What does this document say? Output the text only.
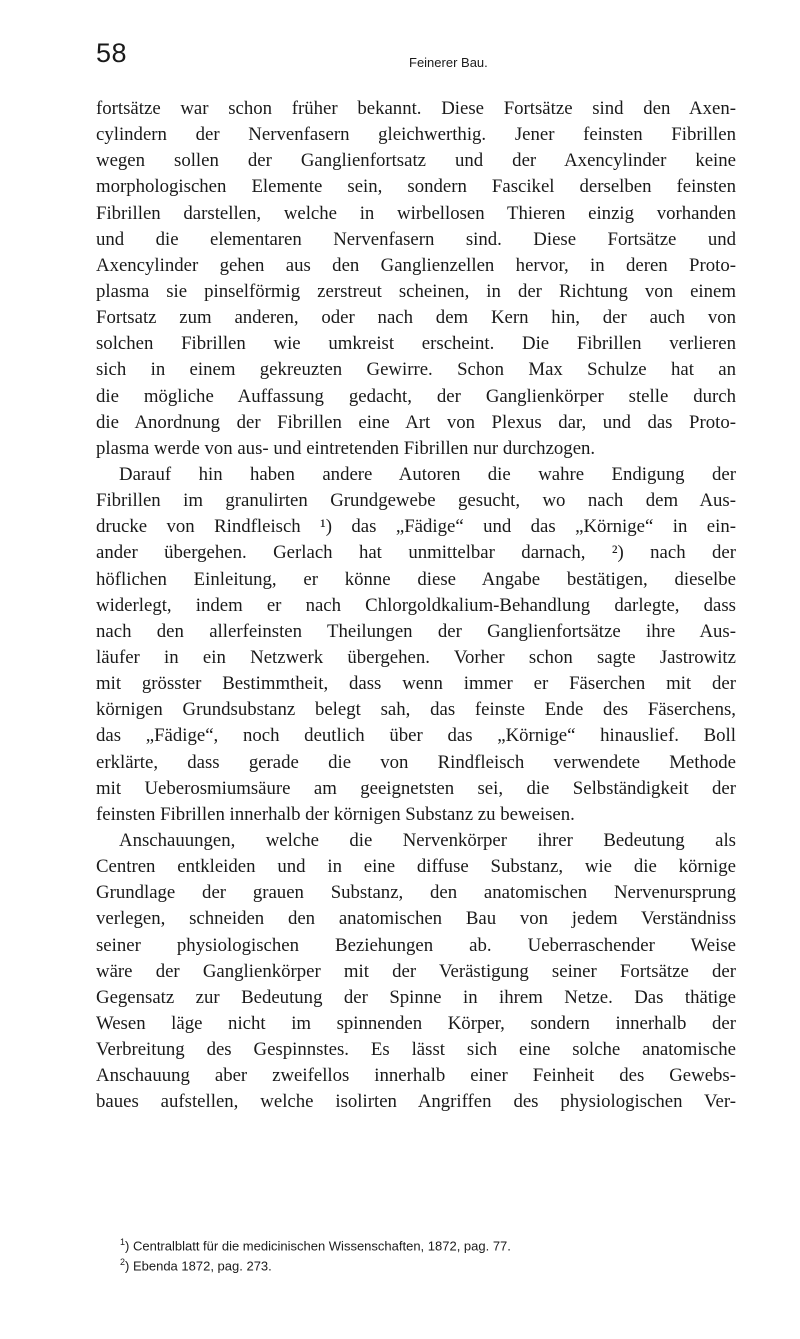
58	Feinerer Bau.
fortsätze war schon früher bekannt. Diese Fortsätze sind den Axen-
cylindern der Nervenfasern gleichwerthig. Jener feinsten Fibrillen
wegen sollen der Ganglienfortsatz und der Axencylinder keine
morphologischen Elemente sein, sondern Fascikel derselben feinsten
Fibrillen darstellen, welche in wirbellosen Thieren einzig vorhanden
und die elementaren Nervenfasern sind. Diese Fortsätze und
Axencylinder gehen aus den Ganglienzellen hervor, in deren Proto-
plasma sie pinselförmig zerstreut scheinen, in der Richtung von einem
Fortsatz zum anderen, oder nach dem Kern hin, der auch von
solchen Fibrillen wie umkreist erscheint. Die Fibrillen verlieren
sich in einem gekreuzten Gewirre. Schon Max Schulze hat an
die mögliche Auffassung gedacht, der Ganglienkörper stelle durch
die Anordnung der Fibrillen eine Art von Plexus dar, und das Proto-
plasma werde von aus- und eintretenden Fibrillen nur durchzogen.
Darauf hin haben andere Autoren die wahre Endigung der
Fibrillen im granulirten Grundgewebe gesucht, wo nach dem Aus-
drucke von Rindfleisch ¹) das „Fädige“ und das „Körnige“ in ein-
ander übergehen. Gerlach hat unmittelbar darnach, ²) nach der
höflichen Einleitung, er könne diese Angabe bestätigen, dieselbe
widerlegt, indem er nach Chlorgoldkalium-Behandlung darlegte, dass
nach den allerfeinsten Theilungen der Ganglienfortsätze ihre Aus-
läufer in ein Netzwerk übergehen. Vorher schon sagte Jastrowitz
mit grösster Bestimmtheit, dass wenn immer er Fäserchen mit der
körnigen Grundsubstanz belegt sah, das feinste Ende des Fäserchens,
das „Fädige“, noch deutlich über das „Körnige“ hinauslief. Boll
erklärte, dass gerade die von Rindfleisch verwendete Methode
mit Ueberosmiumsäure am geeignetsten sei, die Selbständigkeit der
feinsten Fibrillen innerhalb der körnigen Substanz zu beweisen.
Anschauungen, welche die Nervenkörper ihrer Bedeutung als
Centren entkleiden und in eine diffuse Substanz, wie die körnige
Grundlage der grauen Substanz, den anatomischen Nervenursprung
verlegen, schneiden den anatomischen Bau von jedem Verständniss
seiner physiologischen Beziehungen ab. Ueberraschender Weise
wäre der Ganglienkörper mit der Verästigung seiner Fortsätze der
Gegensatz zur Bedeutung der Spinne in ihrem Netze. Das thätige
Wesen läge nicht im spinnenden Körper, sondern innerhalb der
Verbreitung des Gespinnstes. Es lässt sich eine solche anatomische
Anschauung aber zweifellos innerhalb einer Feinheit des Gewebs-
baues aufstellen, welche isolirten Angriffen des physiologischen Ver-
$^1$) Centralblatt für die medicinischen Wissenschaften, 1872, pag. 77.
$^2$) Ebenda 1872, pag. 273.
